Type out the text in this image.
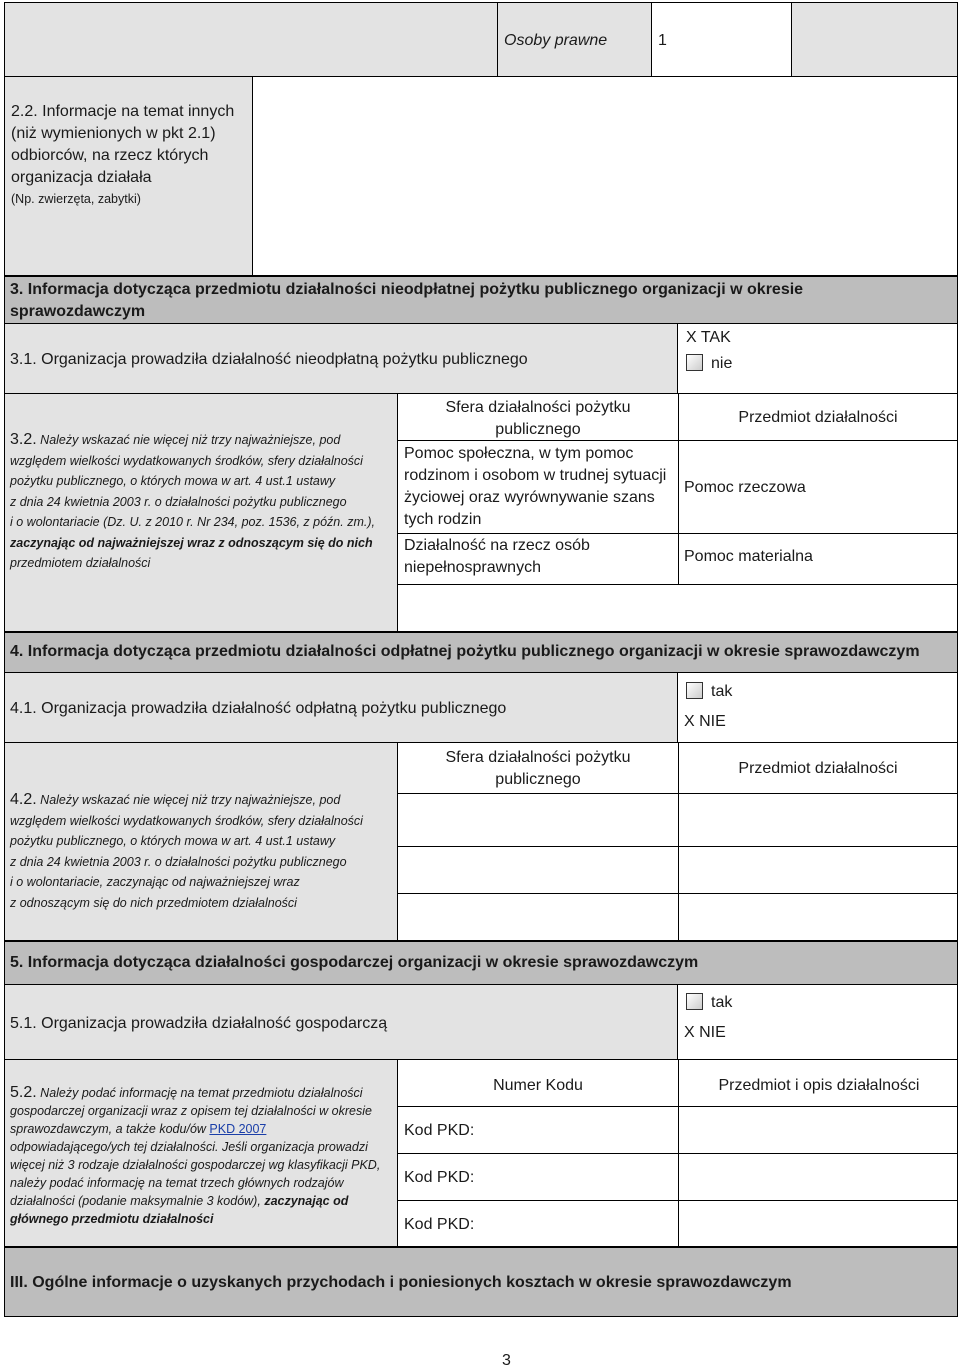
Osoby prawne	1
2.2. Informacje na temat innych
(niż wymienionych w pkt 2.1)
odbiorców, na rzecz których
organizacja działała
(Np. zwierzęta, zabytki)
3. Informacja dotycząca przedmiotu działalności nieodpłatnej pożytku publicznego organizacji w okresie sprawozdawczym
3.1. Organizacja prowadziła działalność nieodpłatną pożytku publicznego
X TAK
nie
3.2. Należy wskazać nie więcej niż trzy najważniejsze, pod
względem wielkości wydatkowanych środków, sfery działalności
pożytku publicznego, o których mowa w art. 4 ust.1 ustawy
z dnia 24 kwietnia 2003 r. o działalności pożytku publicznego
i o wolontariacie (Dz. U. z 2010 r. Nr 234, poz. 1536, z późn. zm.),
zaczynając od najważniejszej wraz z odnoszącym się do nich
przedmiotem działalności
Sfera działalności pożytku publicznego
Przedmiot działalności
Pomoc społeczna, w tym pomoc rodzinom i osobom w trudnej sytuacji życiowej oraz wyrównywanie szans tych rodzin
Pomoc rzeczowa
Działalność na rzecz osób niepełnosprawnych
Pomoc materialna
4. Informacja dotycząca przedmiotu działalności odpłatnej pożytku publicznego organizacji w okresie sprawozdawczym
4.1. Organizacja prowadziła działalność odpłatną pożytku publicznego
tak
X NIE
4.2. Należy wskazać nie więcej niż trzy najważniejsze, pod
względem wielkości wydatkowanych środków, sfery działalności
pożytku publicznego, o których mowa w art. 4 ust.1 ustawy
z dnia 24 kwietnia 2003 r. o działalności pożytku publicznego
i o wolontariacie, zaczynając od najważniejszej wraz
z odnoszącym się do nich przedmiotem działalności
Sfera działalności pożytku publicznego
Przedmiot działalności
5. Informacja dotycząca działalności gospodarczej organizacji w okresie sprawozdawczym
5.1. Organizacja prowadziła działalność gospodarczą
tak
X NIE
5.2. Należy podać informację na temat przedmiotu działalności gospodarczej organizacji wraz z opisem tej działalności w okresie sprawozdawczym, a także kodu/ów PKD 2007
odpowiadającego/ych tej działalności. Jeśli organizacja prowadzi więcej niż 3 rodzaje działalności gospodarczej wg klasyfikacji PKD, należy podać informację na temat trzech głównych rodzajów działalności (podanie maksymalnie 3 kodów), zaczynając od głównego przedmiotu działalności
Numer Kodu	Przedmiot i opis działalności
Kod PKD:
Kod PKD:
Kod PKD:
III. Ogólne informacje o uzyskanych przychodach i poniesionych kosztach w okresie sprawozdawczym
3
